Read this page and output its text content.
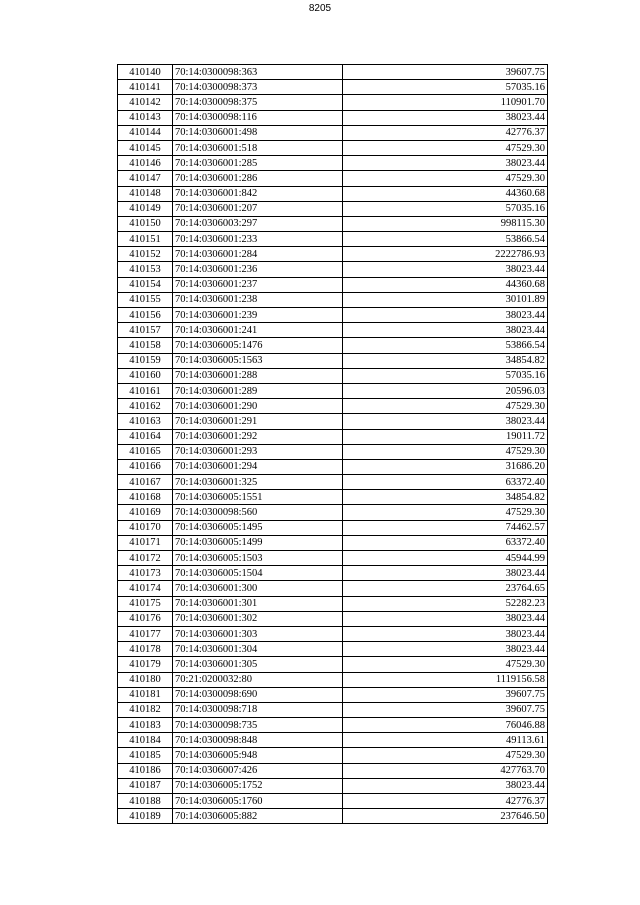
8205
410140	70:14:0300098:363	39607.75
410141	70:14:0300098:373	57035.16
410142	70:14:0300098:375	110901.70
410143	70:14:0300098:116	38023.44
410144	70:14:0306001:498	42776.37
410145	70:14:0306001:518	47529.30
410146	70:14:0306001:285	38023.44
410147	70:14:0306001:286	47529.30
410148	70:14:0306001:842	44360.68
410149	70:14:0306001:207	57035.16
410150	70:14:0306003:297	998115.30
410151	70:14:0306001:233	53866.54
410152	70:14:0306001:284	2222786.93
410153	70:14:0306001:236	38023.44
410154	70:14:0306001:237	44360.68
410155	70:14:0306001:238	30101.89
410156	70:14:0306001:239	38023.44
410157	70:14:0306001:241	38023.44
410158	70:14:0306005:1476	53866.54
410159	70:14:0306005:1563	34854.82
410160	70:14:0306001:288	57035.16
410161	70:14:0306001:289	20596.03
410162	70:14:0306001:290	47529.30
410163	70:14:0306001:291	38023.44
410164	70:14:0306001:292	19011.72
410165	70:14:0306001:293	47529.30
410166	70:14:0306001:294	31686.20
410167	70:14:0306001:325	63372.40
410168	70:14:0306005:1551	34854.82
410169	70:14:0300098:560	47529.30
410170	70:14:0306005:1495	74462.57
410171	70:14:0306005:1499	63372.40
410172	70:14:0306005:1503	45944.99
410173	70:14:0306005:1504	38023.44
410174	70:14:0306001:300	23764.65
410175	70:14:0306001:301	52282.23
410176	70:14:0306001:302	38023.44
410177	70:14:0306001:303	38023.44
410178	70:14:0306001:304	38023.44
410179	70:14:0306001:305	47529.30
410180	70:21:0200032:80	1119156.58
410181	70:14:0300098:690	39607.75
410182	70:14:0300098:718	39607.75
410183	70:14:0300098:735	76046.88
410184	70:14:0300098:848	49113.61
410185	70:14:0306005:948	47529.30
410186	70:14:0306007:426	427763.70
410187	70:14:0306005:1752	38023.44
410188	70:14:0306005:1760	42776.37
410189	70:14:0306005:882	237646.50
